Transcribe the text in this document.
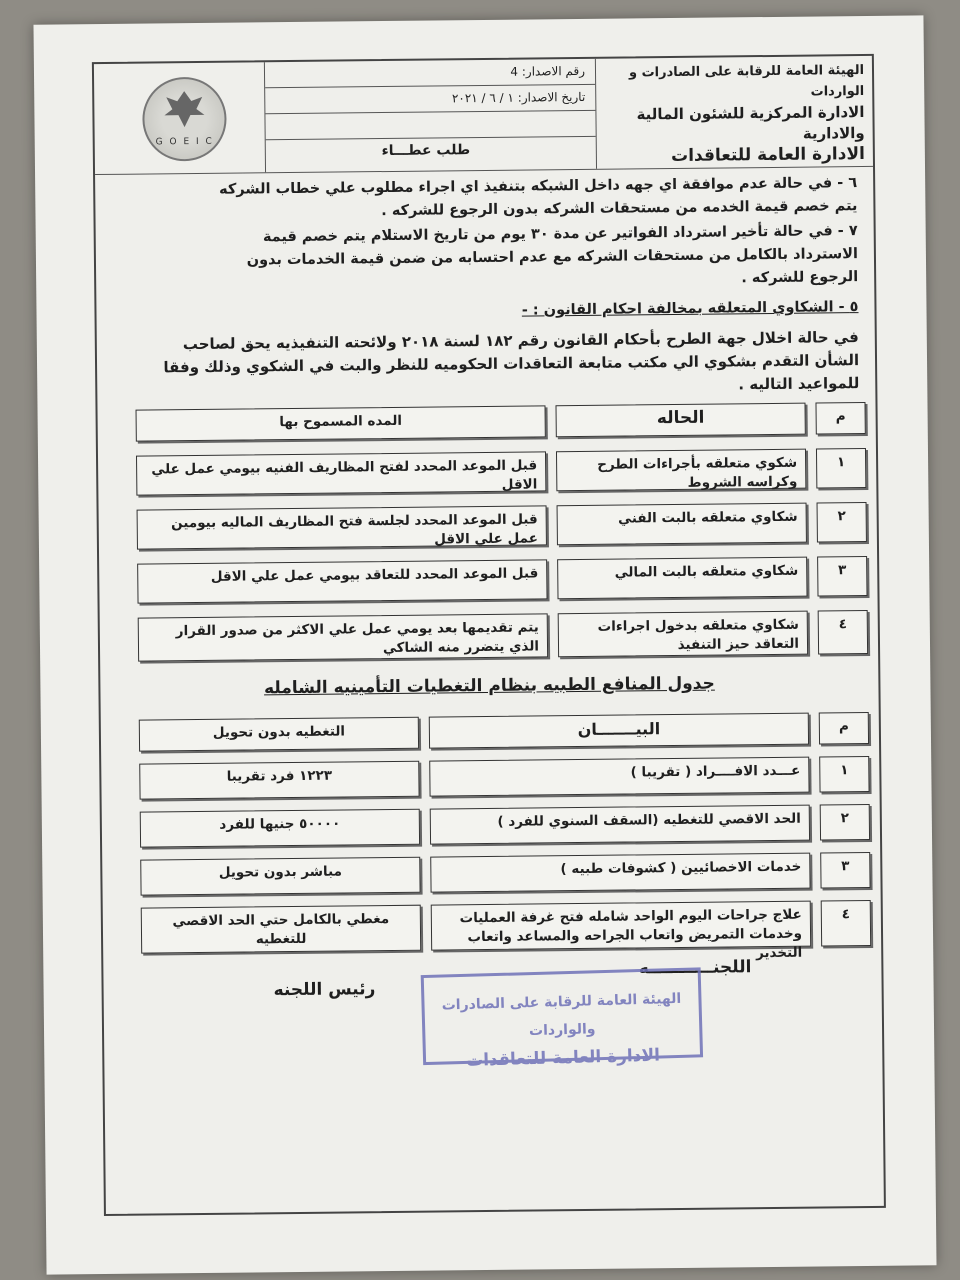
الهيئة العامة للرقابة على الصادرات و الواردات
الادارة المركزية للشئون المالية والادارية
الادارة العامة للتعاقدات
رقم الاصدار: 4
تاريخ الاصدار: ١ / ٦ / ٢٠٢١
طلب عطـــاء
G O E I C
٦ - في حالة عدم موافقة اي جهه داخل الشبكه بتنفيذ اي اجراء مطلوب علي خطاب الشركه يتم خصم قيمة الخدمه من مستحقات الشركه بدون الرجوع للشركه .
٧ - في حالة تأخير استرداد الفواتير عن مدة ٣٠ يوم من تاريخ الاستلام يتم خصم قيمة الاسترداد بالكامل من مستحقات الشركه مع عدم احتسابه من ضمن قيمة الخدمات بدون الرجوع للشركه .
٥ - الشكاوي المتعلقه بمخالفة احكام القانون : -
في حالة اخلال جهة الطرح بأحكام القانون رقم ١٨٢ لسنة ٢٠١٨ ولائحته التنفيذيه يحق لصاحب الشأن التقدم بشكوي الي مكتب متابعة التعاقدات الحكوميه للنظر والبت في الشكوي وذلك وفقا للمواعيد التاليه .
م
الحاله
المده المسموح بها
١
شكوي متعلقه بأجراءات الطرح وكراسه الشروط
قبل الموعد المحدد لفتح المظاريف الفنيه بيومي عمل علي الاقل
٢
شكاوي متعلقه بالبت الفني
قبل الموعد المحدد لجلسة فتح المظاريف الماليه بيومين عمل علي الاقل
٣
شكاوي متعلقه بالبت المالي
قبل الموعد المحدد للتعاقد بيومي عمل علي الاقل
٤
شكاوي متعلقه بدخول اجراءات التعاقد حيز التنفيذ
يتم تقديمها بعد يومي عمل علي الاكثر من صدور القرار الذي يتضرر منه الشاكي
جدول المنافع الطبيه بنظام التغطيات التأمينيه الشامله
م
البيـــــــان
التغطيه بدون تحويل
١
عـــدد الافــــراد ( تقريبا )
١٢٢٣ فرد تقريبا
٢
الحد الاقصي للتغطيه (السقف السنوي للفرد )
٥٠٠٠٠ جنيها للفرد
٣
خدمات الاخصائيين ( كشوفات طبيه )
مباشر بدون تحويل
٤
علاج جراحات اليوم الواحد شامله فتح غرفة العمليات وخدمات التمريض واتعاب الجراحه والمساعد واتعاب التخدير
مغطي بالكامل حتي الحد الاقصي للتغطيه
اللجنـــــــــــه
رئيس اللجنه
الهيئة العامة للرقابة على الصادرات والواردات
الادارة العامة للتعاقدات
